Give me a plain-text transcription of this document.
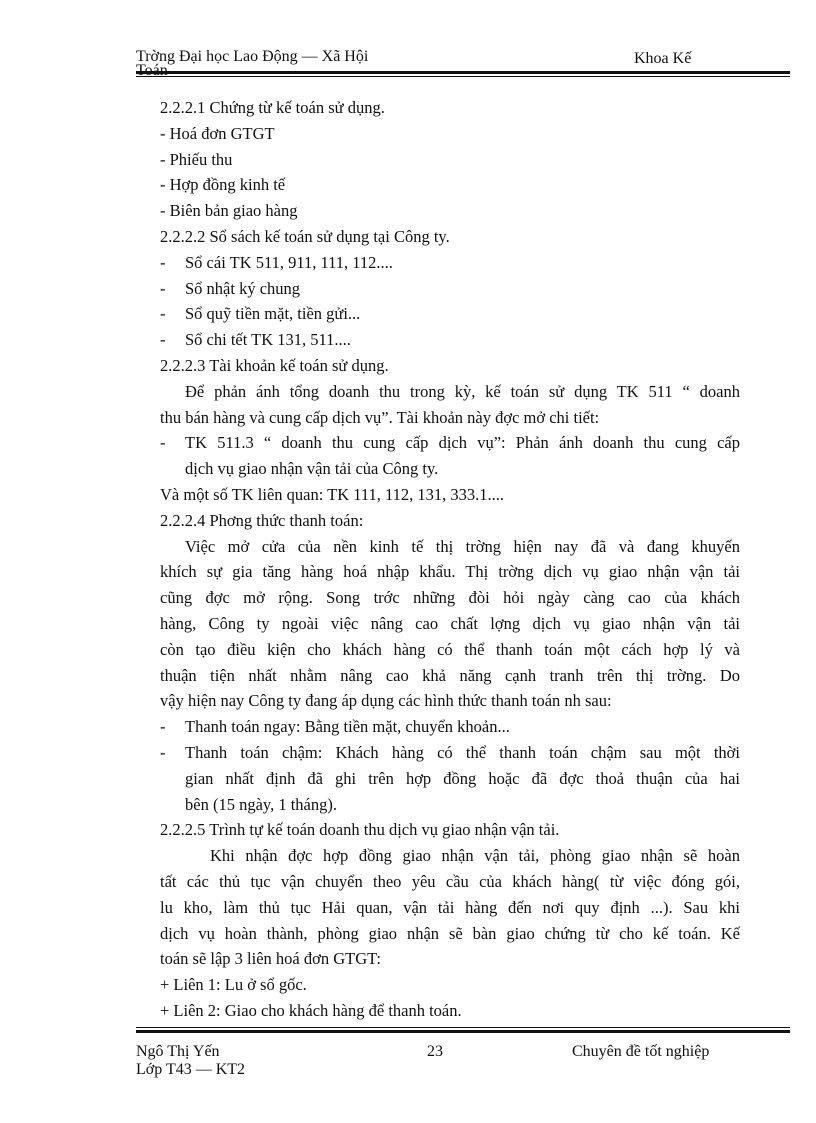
Trờng Đại học Lao Động — Xã Hội	Khoa Kế
2.2.2.1 Chứng từ kế toán sử dụng.
- Hoá đơn GTGT
- Phiếu thu
- Hợp đồng kinh tế
- Biên bản giao hàng
2.2.2.2 Sổ sách kế toán sử dụng tại Công ty.
- Sổ cái TK 511, 911, 111, 112....
- Sổ nhật ký chung
- Sổ quỹ tiền mặt, tiền gửi...
- Sổ chi tết TK 131, 511....
2.2.2.3 Tài khoản kế toán sử dụng.
Để phản ánh tổng doanh thu trong kỳ, kế toán sử dụng TK 511 “ doanh
thu bán hàng và cung cấp dịch vụ”. Tài khoản này đợc mở chi tiết:
- TK 511.3 “ doanh thu cung cấp dịch vụ”: Phản ánh doanh thu cung cấp
dịch vụ giao nhận vận tải của Công ty.
Và một số TK liên quan: TK 111, 112, 131, 333.1....
2.2.2.4 Phơng thức thanh toán:
Việc mở cửa của nền kinh tế thị trờng hiện nay đã và đang khuyến
khích sự gia tăng hàng hoá nhập khẩu. Thị trờng dịch vụ giao nhận vận tải
cũng đợc mở rộng. Song trớc những đòi hỏi ngày càng cao của khách
hàng, Công ty ngoài việc nâng cao chất lợng dịch vụ giao nhận vận tải
còn tạo điều kiện cho khách hàng có thể thanh toán một cách hợp lý và
thuận tiện nhất nhằm nâng cao khả năng cạnh tranh trên thị trờng. Do
vậy hiện nay Công ty đang áp dụng các hình thức thanh toán nh sau:
- Thanh toán ngay: Bằng tiền mặt, chuyển khoản...
- Thanh toán chậm: Khách hàng có thể thanh toán chậm sau một thời
gian nhất định đã ghi trên hợp đồng hoặc đã đợc thoả thuận của hai
bên (15 ngày, 1 tháng).
2.2.2.5 Trình tự kế toán doanh thu dịch vụ giao nhận vận tải.
Khi nhận đợc hợp đồng giao nhận vận tải, phòng giao nhận sẽ hoàn
tất các thủ tục vận chuyển theo yêu cầu của khách hàng( từ việc đóng gói,
lu kho, làm thủ tục Hải quan, vận tải hàng đến nơi quy định ...). Sau khi
dịch vụ hoàn thành, phòng giao nhận sẽ bàn giao chứng từ cho kế toán. Kế
toán sẽ lập 3 liên hoá đơn GTGT:
+ Liên 1: Lu ở sổ gốc.
+ Liên 2: Giao cho khách hàng để thanh toán.
Ngô Thị Yến
Lớp T43 — KT2
23	Chuyên đề tốt nghiệp
